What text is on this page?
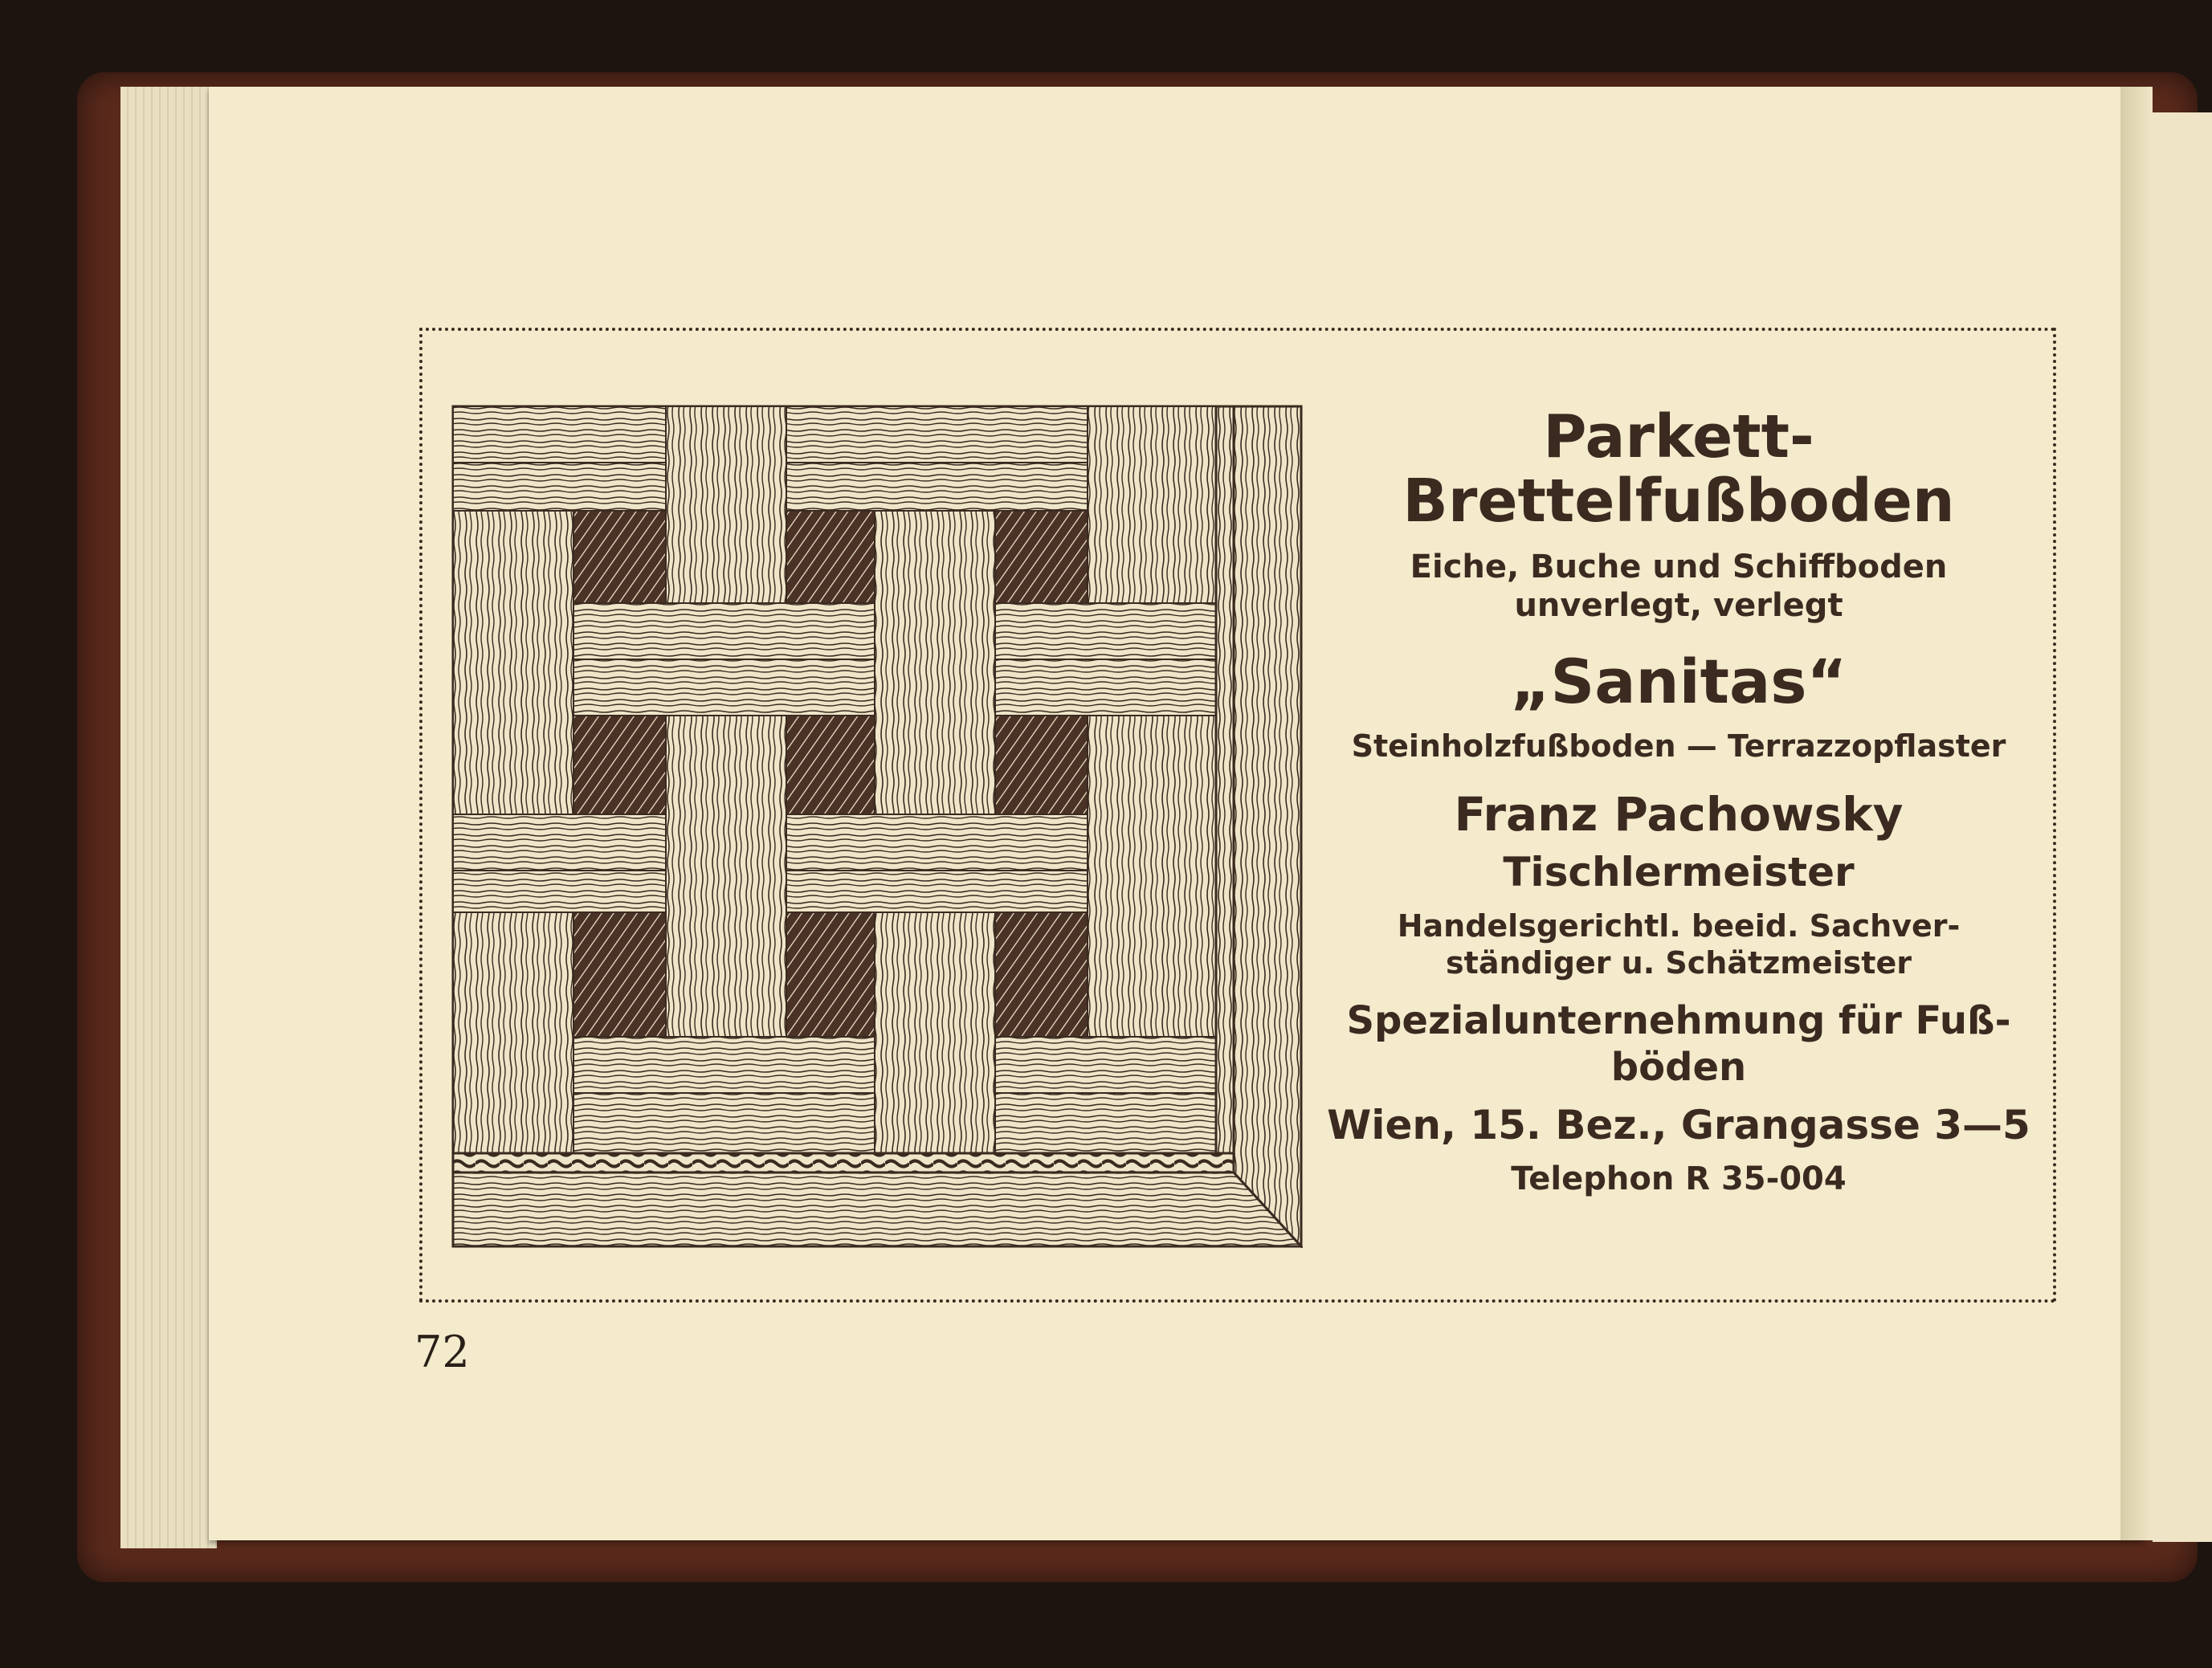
Parkett-
Brettelfußboden
Eiche, Buche und Schiffboden
unverlegt, verlegt
„Sanitas“
Steinholzfußboden — Terrazzopflaster
Franz Pachowsky
Tischlermeister
Handelsgerichtl. beeid. Sachver-
ständiger u. Schätzmeister
Spezialunternehmung für Fuß-
böden
Wien, 15. Bez., Grangasse 3—5
Telephon R 35-004
72
